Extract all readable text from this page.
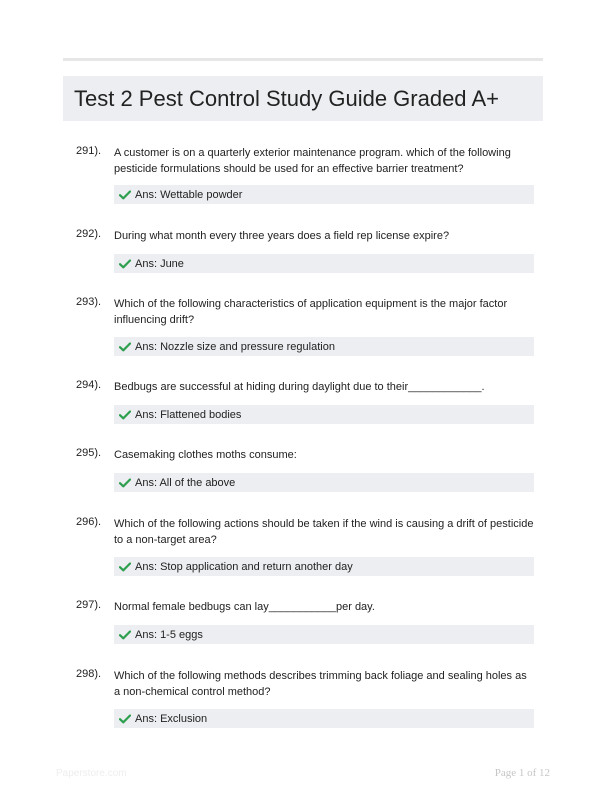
Test 2 Pest Control Study Guide Graded A+
291). A customer is on a quarterly exterior maintenance program. which of the following pesticide formulations should be used for an effective barrier treatment?
Ans: Wettable powder
292). During what month every three years does a field rep license expire?
Ans: June
293). Which of the following characteristics of application equipment is the major factor influencing drift?
Ans: Nozzle size and pressure regulation
294). Bedbugs are successful at hiding during daylight due to their____________.
Ans: Flattened bodies
295). Casemaking clothes moths consume:
Ans: All of the above
296). Which of the following actions should be taken if the wind is causing a drift of pesticide to a non-target area?
Ans: Stop application and return another day
297). Normal female bedbugs can lay___________per day.
Ans: 1-5 eggs
298). Which of the following methods describes trimming back foliage and sealing holes as a non-chemical control method?
Ans: Exclusion
Paperstore.com	Page 1 of 12
